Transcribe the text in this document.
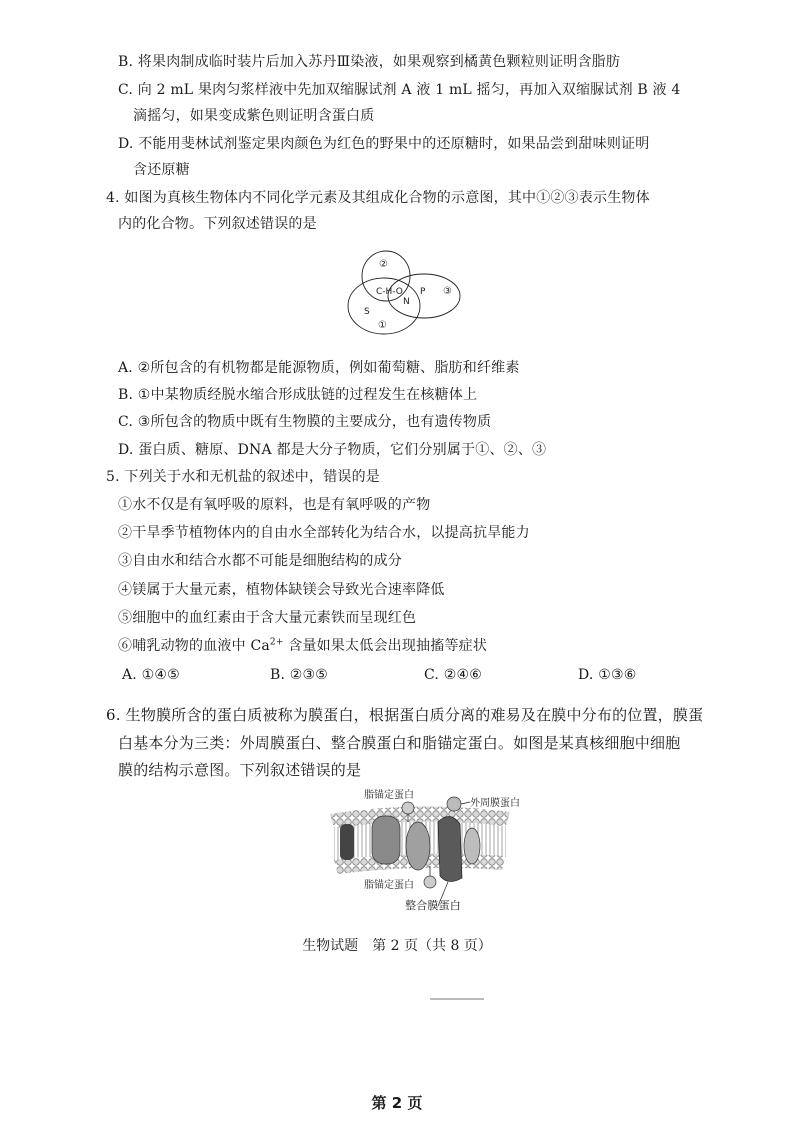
B. 将果肉制成临时装片后加入苏丹Ⅲ染液，如果观察到橘黄色颗粒则证明含脂肪
C. 向 2 mL 果肉匀浆样液中先加双缩脲试剂 A 液 1 mL 摇匀，再加入双缩脲试剂 B 液 4
滴摇匀，如果变成紫色则证明含蛋白质
D. 不能用斐林试剂鉴定果肉颜色为红色的野果中的还原糖时，如果品尝到甜味则证明
含还原糖
4. 如图为真核生物体内不同化学元素及其组成化合物的示意图，其中①②③表示生物体
内的化合物。下列叙述错误的是
②
③
①
C-H-O
N
P
S
A. ②所包含的有机物都是能源物质，例如葡萄糖、脂肪和纤维素
B. ①中某物质经脱水缩合形成肽链的过程发生在核糖体上
C. ③所包含的物质中既有生物膜的主要成分，也有遗传物质
D. 蛋白质、糖原、DNA 都是大分子物质，它们分别属于①、②、③
5. 下列关于水和无机盐的叙述中，错误的是
①水不仅是有氧呼吸的原料，也是有氧呼吸的产物
②干旱季节植物体内的自由水全部转化为结合水，以提高抗旱能力
③自由水和结合水都不可能是细胞结构的成分
④镁属于大量元素，植物体缺镁会导致光合速率降低
⑤细胞中的血红素由于含大量元素铁而呈现红色
⑥哺乳动物的血液中 $Ca^{2+}$ 含量如果太低会出现抽搐等症状
A. ①④⑤	B. ②③⑤	C. ②④⑥	D. ①③⑥
6. 生物膜所含的蛋白质被称为膜蛋白，根据蛋白质分离的难易及在膜中分布的位置，膜蛋
白基本分为三类：外周膜蛋白、整合膜蛋白和脂锚定蛋白。如图是某真核细胞中细胞
膜的结构示意图。下列叙述错误的是
脂锚定蛋白
外周膜蛋白
脂锚定蛋白
整合膜蛋白
生物试题　第 2 页（共 8 页）
第 2 页
